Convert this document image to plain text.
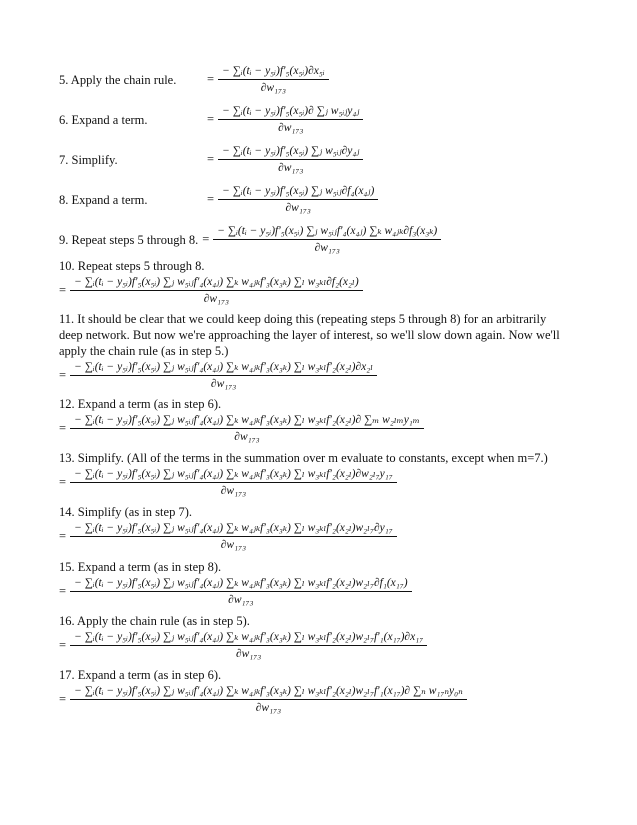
5. Apply the chain rule.	= $\frac{\text{− ∑ᵢ(tᵢ − y₅ᵢ)f′₅(x₅ᵢ)∂x₅ᵢ}}{\text{∂w₁₇₃}}$
6. Expand a term.	= $\frac{\text{− ∑ᵢ(tᵢ − y₅ᵢ)f′₅(x₅ᵢ)∂ ∑ⱼ w₅ᵢⱼy₄ⱼ}}{\text{∂w₁₇₃}}$
7. Simplify.	= $\frac{\text{− ∑ᵢ(tᵢ − y₅ᵢ)f′₅(x₅ᵢ) ∑ⱼ w₅ᵢⱼ∂y₄ⱼ}}{\text{∂w₁₇₃}}$
8. Expand a term.	= $\frac{\text{− ∑ᵢ(tᵢ − y₅ᵢ)f′₅(x₅ᵢ) ∑ⱼ w₅ᵢⱼ∂f₄(x₄ⱼ)}}{\text{∂w₁₇₃}}$
9. Repeat steps 5 through 8. = $\frac{\text{− ∑ᵢ(tᵢ − y₅ᵢ)f′₅(x₅ᵢ) ∑ⱼ w₅ᵢⱼf′₄(x₄ⱼ) ∑ₖ w₄ⱼₖ∂f₃(x₃ₖ)}}{\text{∂w₁₇₃}}$
10. Repeat steps 5 through 8.
=
− ∑ᵢ(tᵢ − y₅ᵢ)f′₅(x₅ᵢ) ∑ⱼ w₅ᵢⱼf′₄(x₄ⱼ) ∑ₖ w₄ⱼₖf′₃(x₃ₖ) ∑ₗ w₃ₖₗ∂f₂(x₂ₗ)
∂w₁₇₃
11. It should be clear that we could keep doing this (repeating steps 5 through 8) for an arbitrarily deep network. But now we're approaching the layer of interest, so we'll slow down again. Now we'll apply the chain rule (as in step 5.)
=
− ∑ᵢ(tᵢ − y₅ᵢ)f′₅(x₅ᵢ) ∑ⱼ w₅ᵢⱼf′₄(x₄ⱼ) ∑ₖ w₄ⱼₖf′₃(x₃ₖ) ∑ₗ w₃ₖₗf′₂(x₂ₗ)∂x₂ₗ
∂w₁₇₃
12. Expand a term (as in step 6).
=
− ∑ᵢ(tᵢ − y₅ᵢ)f′₅(x₅ᵢ) ∑ⱼ w₅ᵢⱼf′₄(x₄ⱼ) ∑ₖ w₄ⱼₖf′₃(x₃ₖ) ∑ₗ w₃ₖₗf′₂(x₂ₗ)∂ ∑ₘ w₂ₗₘy₁ₘ
∂w₁₇₃
13. Simplify. (All of the terms in the summation over m evaluate to constants, except when m=7.)
=
− ∑ᵢ(tᵢ − y₅ᵢ)f′₅(x₅ᵢ) ∑ⱼ w₅ᵢⱼf′₄(x₄ⱼ) ∑ₖ w₄ⱼₖf′₃(x₃ₖ) ∑ₗ w₃ₖₗf′₂(x₂ₗ)∂w₂ₗ₇y₁₇
∂w₁₇₃
14. Simplify (as in step 7).
=
− ∑ᵢ(tᵢ − y₅ᵢ)f′₅(x₅ᵢ) ∑ⱼ w₅ᵢⱼf′₄(x₄ⱼ) ∑ₖ w₄ⱼₖf′₃(x₃ₖ) ∑ₗ w₃ₖₗf′₂(x₂ₗ)w₂ₗ₇∂y₁₇
∂w₁₇₃
15. Expand a term (as in step 8).
=
− ∑ᵢ(tᵢ − y₅ᵢ)f′₅(x₅ᵢ) ∑ⱼ w₅ᵢⱼf′₄(x₄ⱼ) ∑ₖ w₄ⱼₖf′₃(x₃ₖ) ∑ₗ w₃ₖₗf′₂(x₂ₗ)w₂ₗ₇∂f₁(x₁₇)
∂w₁₇₃
16. Apply the chain rule (as in step 5).
=
− ∑ᵢ(tᵢ − y₅ᵢ)f′₅(x₅ᵢ) ∑ⱼ w₅ᵢⱼf′₄(x₄ⱼ) ∑ₖ w₄ⱼₖf′₃(x₃ₖ) ∑ₗ w₃ₖₗf′₂(x₂ₗ)w₂ₗ₇f′₁(x₁₇)∂x₁₇
∂w₁₇₃
17. Expand a term (as in step 6).
=
− ∑ᵢ(tᵢ − y₅ᵢ)f′₅(x₅ᵢ) ∑ⱼ w₅ᵢⱼf′₄(x₄ⱼ) ∑ₖ w₄ⱼₖf′₃(x₃ₖ) ∑ₗ w₃ₖₗf′₂(x₂ₗ)w₂ₗ₇f′₁(x₁₇)∂ ∑ₙ w₁₇ₙy₀ₙ
∂w₁₇₃
